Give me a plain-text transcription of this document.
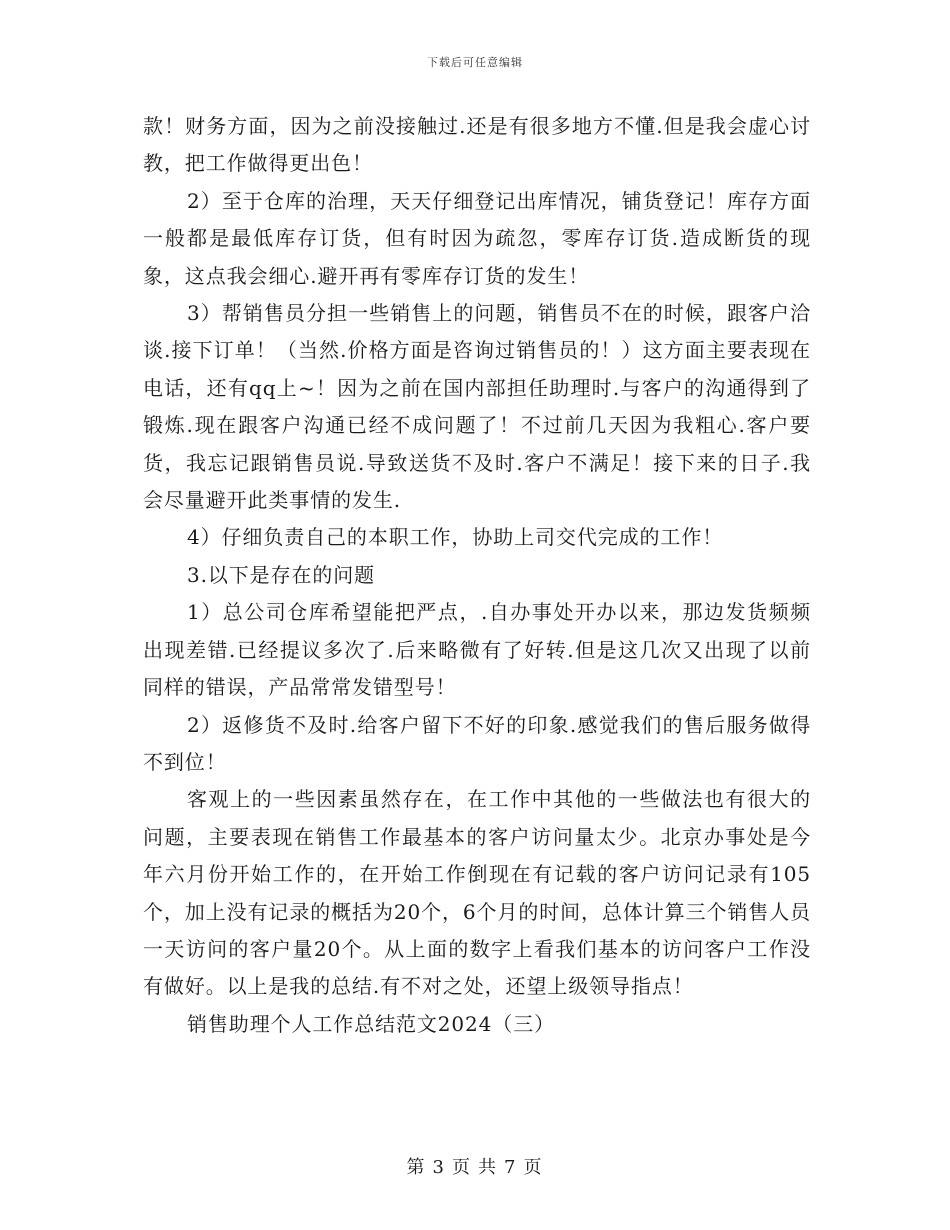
下载后可任意编辑

款！财务方面，因为之前没接触过.还是有很多地方不懂.但是我会虚心讨教，把工作做得更出色！

2）至于仓库的治理，天天仔细登记出库情况，铺货登记！库存方面一般都是最低库存订货，但有时因为疏忽，零库存订货.造成断货的现象，这点我会细心.避开再有零库存订货的发生！

3）帮销售员分担一些销售上的问题，销售员不在的时候，跟客户洽谈.接下订单！（当然.价格方面是咨询过销售员的！）这方面主要表现在电话，还有qq上~！因为之前在国内部担任助理时.与客户的沟通得到了锻炼.现在跟客户沟通已经不成问题了！不过前几天因为我粗心.客户要货，我忘记跟销售员说.导致送货不及时.客户不满足！接下来的日子.我会尽量避开此类事情的发生.

4）仔细负责自己的本职工作，协助上司交代完成的工作！

3.以下是存在的问题

1）总公司仓库希望能把严点，.自办事处开办以来，那边发货频频出现差错.已经提议多次了.后来略微有了好转.但是这几次又出现了以前同样的错误，产品常常发错型号！

2）返修货不及时.给客户留下不好的印象.感觉我们的售后服务做得不到位！

客观上的一些因素虽然存在，在工作中其他的一些做法也有很大的问题，主要表现在销售工作最基本的客户访问量太少。北京办事处是今年六月份开始工作的，在开始工作倒现在有记载的客户访问记录有105个，加上没有记录的概括为20个，6个月的时间，总体计算三个销售人员一天访问的客户量20个。从上面的数字上看我们基本的访问客户工作没有做好。以上是我的总结.有不对之处，还望上级领导指点！

销售助理个人工作总结范文2024（三）

第 3 页 共 7 页
